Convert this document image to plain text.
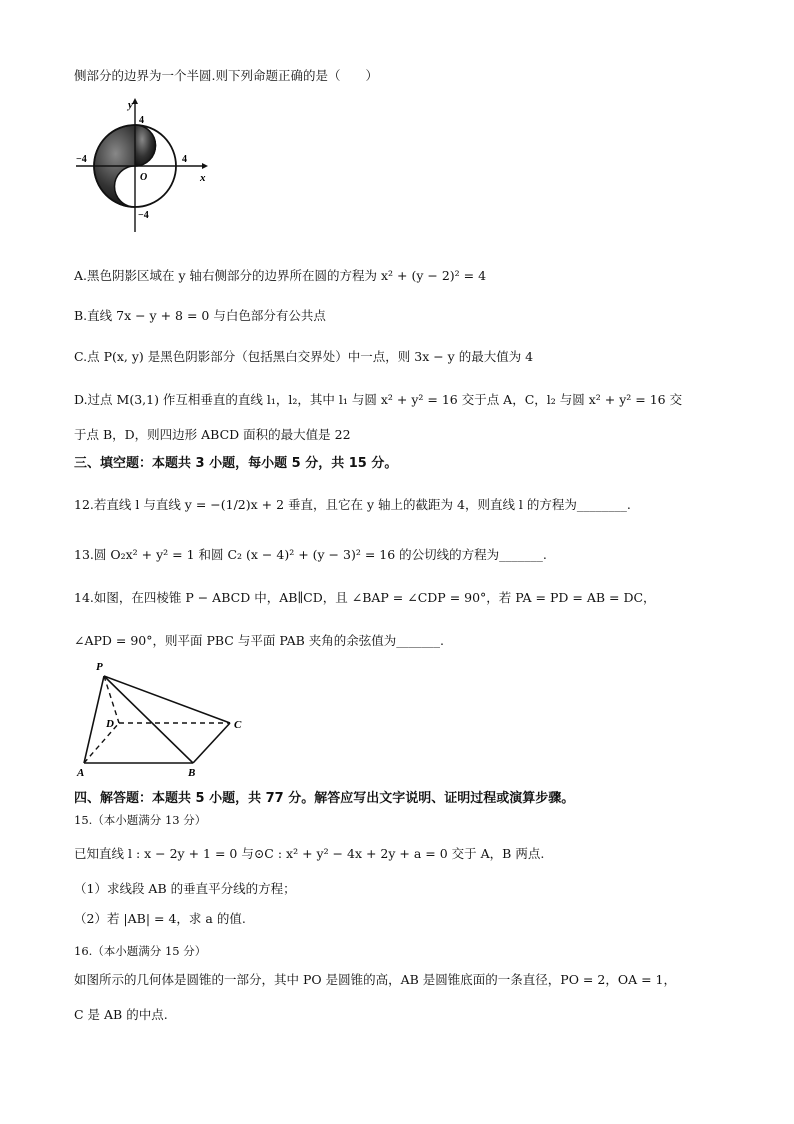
侧部分的边界为一个半圆.则下列命题正确的是（　　）
y
x
O
4
−4
−4	4
A.黑色阴影区域在 y 轴右侧部分的边界所在圆的方程为 x² + (y − 2)² = 4
B.直线 7x − y + 8 = 0 与白色部分有公共点
C.点 P(x, y) 是黑色阴影部分（包括黑白交界处）中一点，则 3x − y 的最大值为 4
D.过点 M(3,1) 作互相垂直的直线 l₁，l₂，其中 l₁ 与圆 x² + y² = 16 交于点 A，C，l₂ 与圆 x² + y² = 16 交
于点 B，D，则四边形 ABCD 面积的最大值是 22
三、填空题：本题共 3 小题，每小题 5 分，共 15 分。
12.若直线 l 与直线 y = −(1/2)x + 2 垂直，且它在 y 轴上的截距为 4，则直线 l 的方程为________.
13.圆 O₂x² + y² = 1 和圆 C₂ (x − 4)² + (y − 3)² = 16 的公切线的方程为_______.
14.如图，在四棱锥 P − ABCD 中，AB∥CD，且 ∠BAP = ∠CDP = 90°，若 PA = PD = AB = DC，
∠APD = 90°，则平面 PBC 与平面 PAB 夹角的余弦值为_______.
P
D	C
A	B
四、解答题：本题共 5 小题，共 77 分。解答应写出文字说明、证明过程或演算步骤。
15.（本小题满分 13 分）
已知直线 l : x − 2y + 1 = 0 与⊙C : x² + y² − 4x + 2y + a = 0 交于 A，B 两点.
（1）求线段 AB 的垂直平分线的方程；
（2）若 |AB| = 4，求 a 的值.
16.（本小题满分 15 分）
如图所示的几何体是圆锥的一部分，其中 PO 是圆锥的高，AB 是圆锥底面的一条直径，PO = 2，OA = 1，
C 是 AB 的中点.
